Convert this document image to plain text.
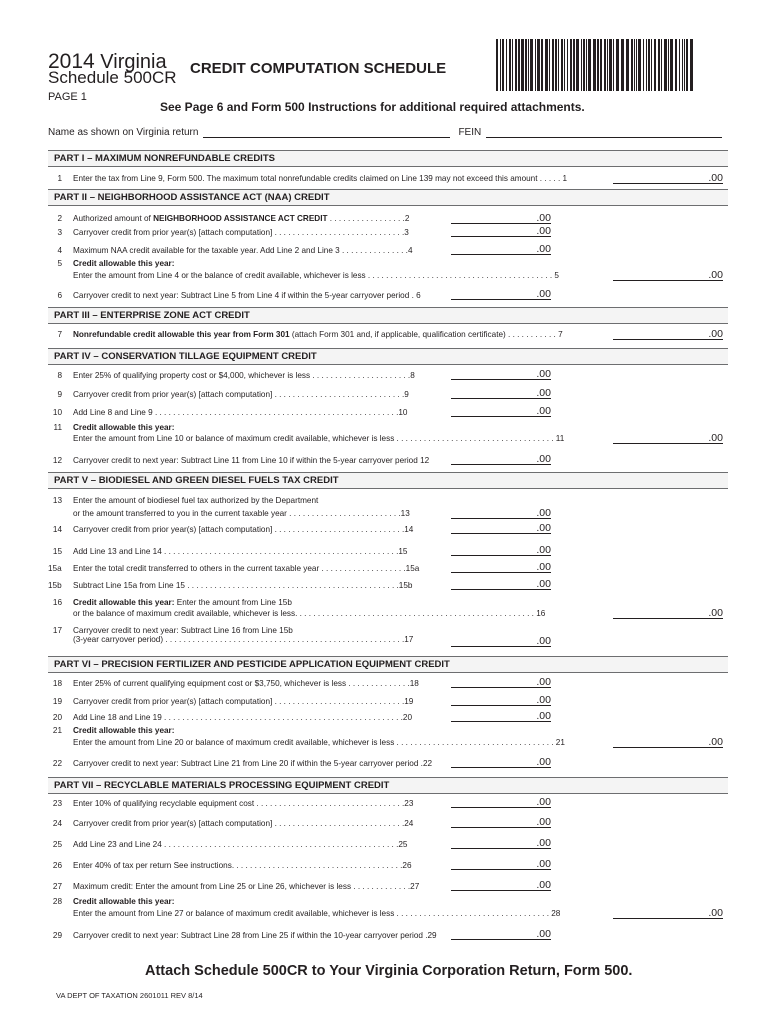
2014 Virginia
Schedule 500CR
PAGE 1
CREDIT COMPUTATION SCHEDULE
See Page 6 and Form 500 Instructions for additional required attachments.
Name as shown on Virginia return	FEIN
PART I – MAXIMUM NONREFUNDABLE CREDITS
PART II – NEIGHBORHOOD ASSISTANCE ACT (NAA) CREDIT
PART III – ENTERPRISE ZONE ACT CREDIT
PART IV – CONSERVATION TILLAGE EQUIPMENT CREDIT
PART V – BIODIESEL AND GREEN DIESEL FUELS TAX CREDIT
PART VI – PRECISION FERTILIZER AND PESTICIDE APPLICATION EQUIPMENT CREDIT
PART VII – RECYCLABLE MATERIALS PROCESSING EQUIPMENT CREDIT
1 Enter the tax from Line 9, Form 500. The maximum total nonrefundable credits claimed on Line 139 may not exceed this amount . . . . . 1	.00
2 Authorized amount of NEIGHBORHOOD ASSISTANCE ACT CREDIT . . . . . . . . . . . . . . . . .2	.00
3 Carryover credit from prior year(s) [attach computation] . . . . . . . . . . . . . . . . . . . . . . . . . . . . .3	.00
4 Maximum NAA credit available for the taxable year. Add Line 2 and Line 3 . . . . . . . . . . . . . . .4	.00
5 Credit allowable this year:
Enter the amount from Line 4 or the balance of credit available, whichever is less . . . . . . . . . . . . . . . . . . . . . . . . . . . . . . . . . . . . . . . . . 5	.00
6 Carryover credit to next year: Subtract Line 5 from Line 4 if within the 5-year carryover period . 6	.00
7 Nonrefundable credit allowable this year from Form 301 (attach Form 301 and, if applicable, qualification certificate) . . . . . . . . . . . 7	.00
8 Enter 25% of qualifying property cost or $4,000, whichever is less . . . . . . . . . . . . . . . . . . . . . .8	.00
9 Carryover credit from prior year(s) [attach computation] . . . . . . . . . . . . . . . . . . . . . . . . . . . . .9	.00
10 Add Line 8 and Line 9 . . . . . . . . . . . . . . . . . . . . . . . . . . . . . . . . . . . . . . . . . . . . . . . . . . . . . .10	.00
11 Credit allowable this year:
Enter the amount from Line 10 or balance of maximum credit available, whichever is less . . . . . . . . . . . . . . . . . . . . . . . . . . . . . . . . . . . 11	.00
12 Carryover credit to next year: Subtract Line 11 from Line 10 if within the 5-year carryover period 12	.00
13 Enter the amount of biodiesel fuel tax authorized by the Department
or the amount transferred to you in the current taxable year . . . . . . . . . . . . . . . . . . . . . . . . .13	.00
14 Carryover credit from prior year(s) [attach computation] . . . . . . . . . . . . . . . . . . . . . . . . . . . . .14	.00
15 Add Line 13 and Line 14 . . . . . . . . . . . . . . . . . . . . . . . . . . . . . . . . . . . . . . . . . . . . . . . . . . . .15	.00
15a	Enter the total credit transferred to others in the current taxable year . . . . . . . . . . . . . . . . . . .15a	.00
15b	Subtract Line 15a from Line 15 . . . . . . . . . . . . . . . . . . . . . . . . . . . . . . . . . . . . . . . . . . . . . . .15b	.00
16 Credit allowable this year: Enter the amount from Line 15b
or the balance of maximum credit available, whichever is less. . . . . . . . . . . . . . . . . . . . . . . . . . . . . . . . . . . . . . . . . . . . . . . . . . . . . 16	.00
17 Carryover credit to next year: Subtract Line 16 from Line 15b
(3-year carryover period) . . . . . . . . . . . . . . . . . . . . . . . . . . . . . . . . . . . . . . . . . . . . . . . . . . . . .17	.00
18 Enter 25% of current qualifying equipment cost or $3,750, whichever is less . . . . . . . . . . . . . .18	.00
19 Carryover credit from prior year(s) [attach computation] . . . . . . . . . . . . . . . . . . . . . . . . . . . . .19	.00
20 Add Line 18 and Line 19 . . . . . . . . . . . . . . . . . . . . . . . . . . . . . . . . . . . . . . . . . . . . . . . . . . . . .20	.00
21 Credit allowable this year:
Enter the amount from Line 20 or balance of maximum credit available, whichever is less . . . . . . . . . . . . . . . . . . . . . . . . . . . . . . . . . . . 21	.00
22 Carryover credit to next year: Subtract Line 21 from Line 20 if within the 5-year carryover period .22	.00
23 Enter 10% of qualifying recyclable equipment cost . . . . . . . . . . . . . . . . . . . . . . . . . . . . . . . . .23	.00
24 Carryover credit from prior year(s) [attach computation] . . . . . . . . . . . . . . . . . . . . . . . . . . . . .24	.00
25 Add Line 23 and Line 24 . . . . . . . . . . . . . . . . . . . . . . . . . . . . . . . . . . . . . . . . . . . . . . . . . . . .25	.00
26 Enter 40% of tax per return See instructions. . . . . . . . . . . . . . . . . . . . . . . . . . . . . . . . . . . . . .26	.00
27 Maximum credit: Enter the amount from Line 25 or Line 26, whichever is less . . . . . . . . . . . . .27	.00
28 Credit allowable this year:
Enter the amount from Line 27 or balance of maximum credit available, whichever is less . . . . . . . . . . . . . . . . . . . . . . . . . . . . . . . . . . 28	.00
29 Carryover credit to next year: Subtract Line 28 from Line 25 if within the 10-year carryover period .29	.00
Attach Schedule 500CR to Your Virginia Corporation Return, Form 500.
VA DEPT OF TAXATION 2601011 REV 8/14
